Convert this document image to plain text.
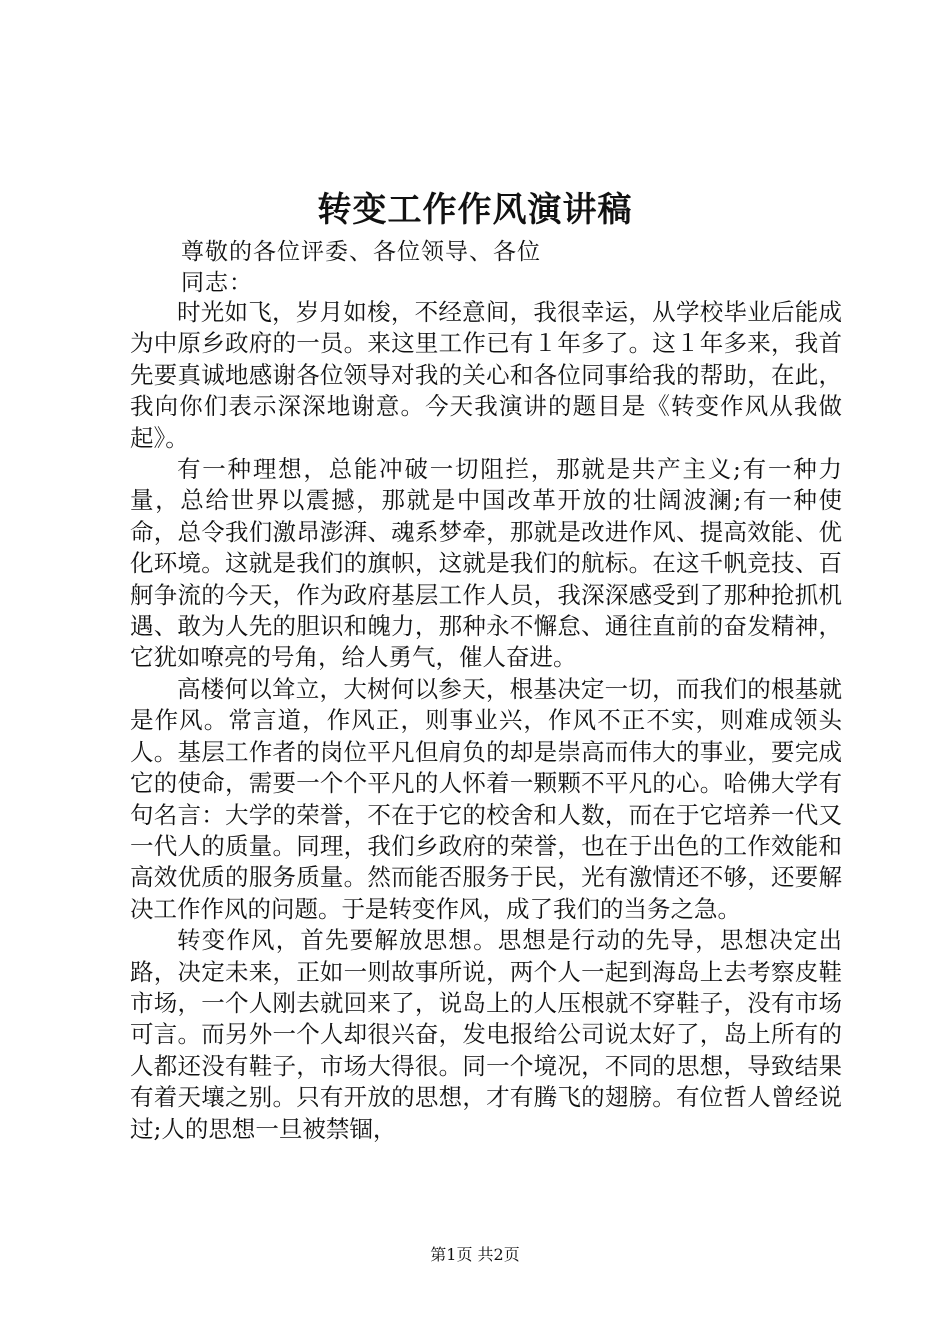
转变工作作风演讲稿
尊敬的各位评委、各位领导、各位
同志：

时光如飞，岁月如梭，不经意间，我很幸运，从学校毕业后能成为中原乡政府的一员。来这里工作已有１年多了。这１年多来，我首先要真诚地感谢各位领导对我的关心和各位同事给我的帮助，在此，我向你们表示深深地谢意。今天我演讲的题目是《转变作风从我做起》。

有一种理想，总能冲破一切阻拦，那就是共产主义;有一种力量，总给世界以震撼，那就是中国改革开放的壮阔波澜;有一种使命，总令我们激昂澎湃、魂系梦牵，那就是改进作风、提高效能、优化环境。这就是我们的旗帜，这就是我们的航标。在这千帆竞技、百舸争流的今天，作为政府基层工作人员，我深深感受到了那种抢抓机遇、敢为人先的胆识和魄力，那种永不懈怠、通往直前的奋发精神，它犹如嘹亮的号角，给人勇气，催人奋进。

高楼何以耸立，大树何以参天，根基决定一切，而我们的根基就是作风。常言道，作风正，则事业兴，作风不正不实，则难成领头人。基层工作者的岗位平凡但肩负的却是崇高而伟大的事业，要完成它的使命，需要一个个平凡的人怀着一颗颗不平凡的心。哈佛大学有句名言：大学的荣誉，不在于它的校舍和人数，而在于它培养一代又一代人的质量。同理，我们乡政府的荣誉，也在于出色的工作效能和高效优质的服务质量。然而能否服务于民，光有激情还不够，还要解决工作作风的问题。于是转变作风，成了我们的当务之急。

转变作风，首先要解放思想。思想是行动的先导，思想决定出路，决定未来，正如一则故事所说，两个人一起到海岛上去考察皮鞋市场，一个人刚去就回来了，说岛上的人压根就不穿鞋子，没有市场可言。而另外一个人却很兴奋，发电报给公司说太好了，岛上所有的人都还没有鞋子，市场大得很。同一个境况，不同的思想，导致结果有着天壤之别。只有开放的思想，才有腾飞的翅膀。有位哲人曾经说过;人的思想一旦被禁锢，

第1页 共2页
